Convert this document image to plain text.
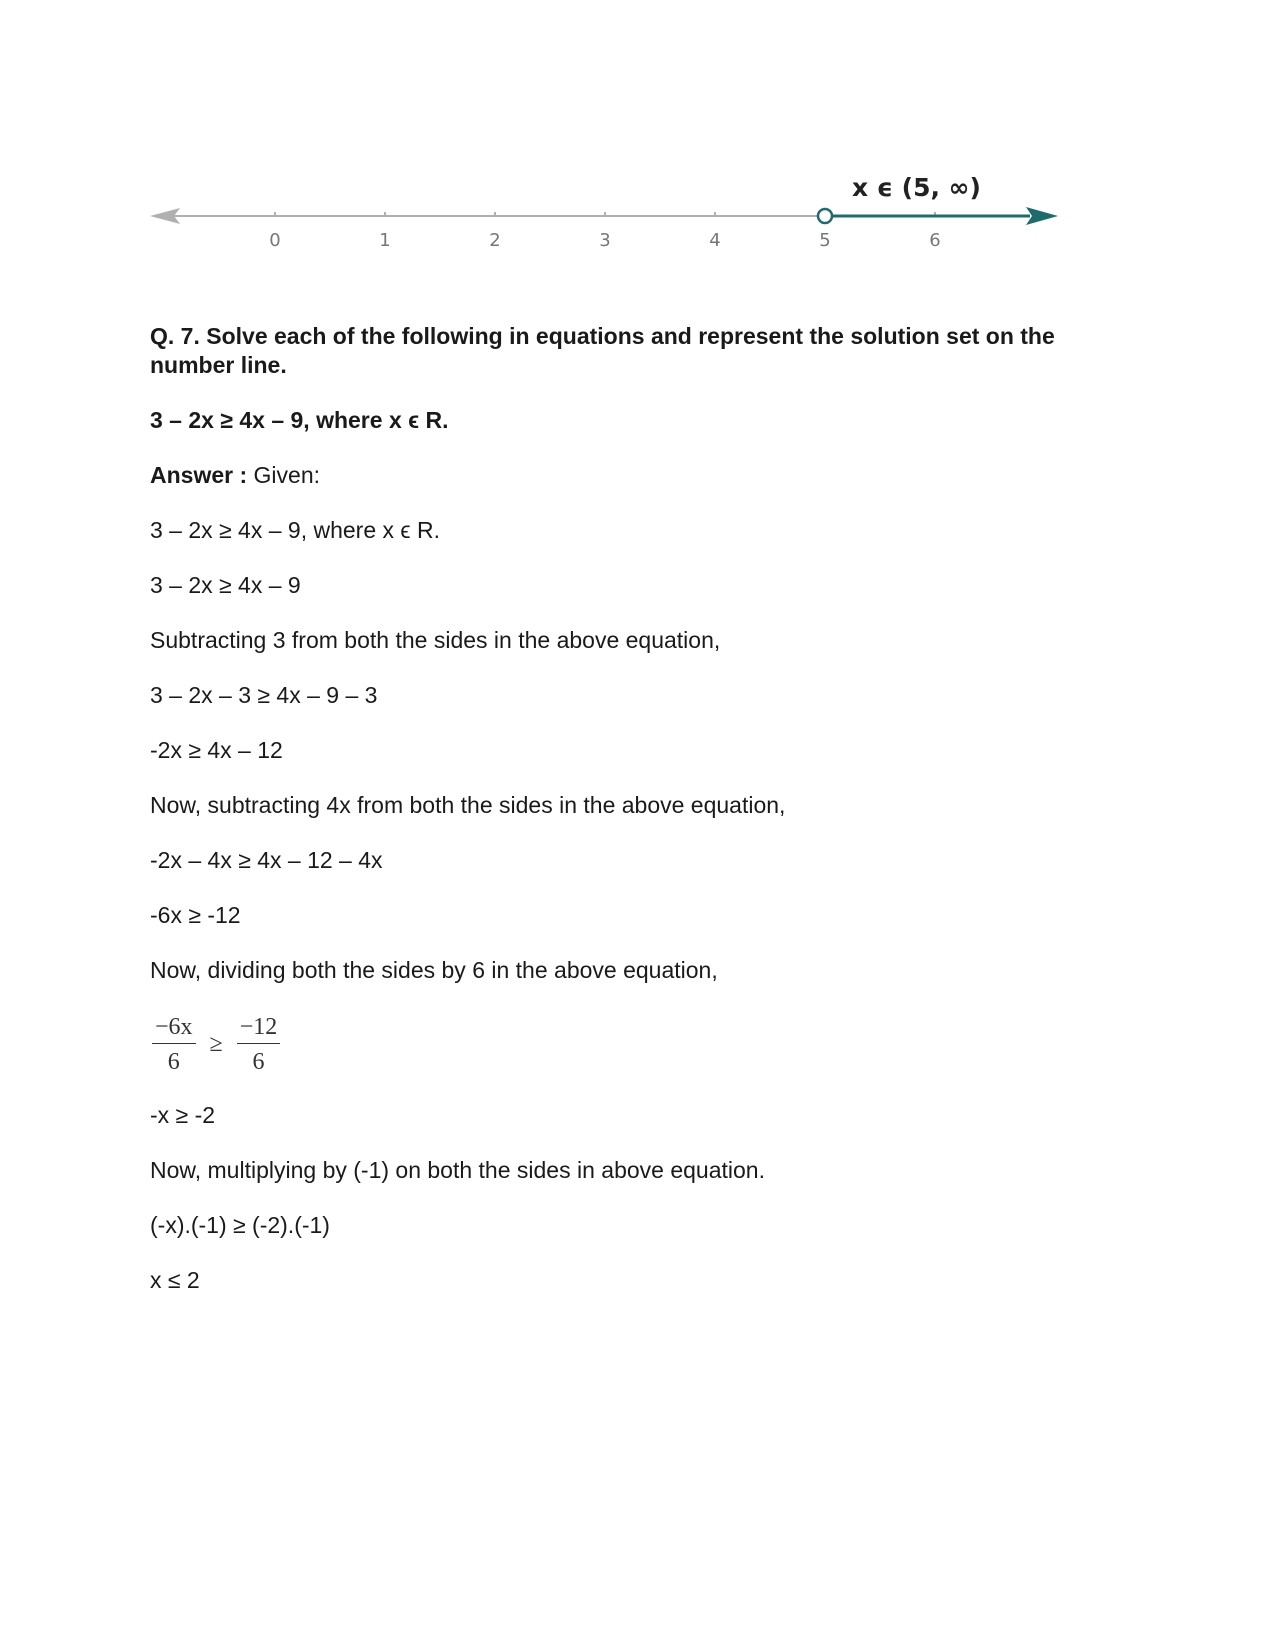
0	1	2	3	4	5	6
x ϵ (5, ∞)

Q. 7. Solve each of the following in equations and represent the solution set on the number line.

3 – 2x ≥ 4x – 9, where x ϵ R.

Answer : Given:

3 – 2x ≥ 4x – 9, where x ϵ R.

3 – 2x ≥ 4x – 9

Subtracting 3 from both the sides in the above equation,

3 – 2x – 3 ≥ 4x – 9 – 3

-2x ≥ 4x – 12

Now, subtracting 4x from both the sides in the above equation,

-2x – 4x ≥ 4x – 12 – 4x

-6x ≥ -12

Now, dividing both the sides by 6 in the above equation,

$\frac{-6x}{6} \ge \frac{-12}{6}$

-x ≥ -2

Now, multiplying by (-1) on both the sides in above equation.

(-x).(-1) ≥ (-2).(-1)

x ≤ 2
